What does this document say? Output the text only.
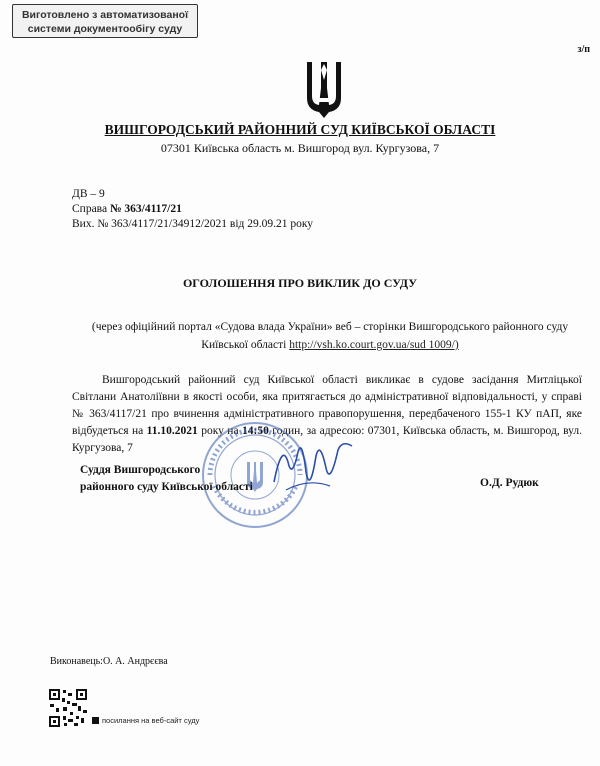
Виготовлено з автоматизованої
системи документообігу суду
з/п
ВИШГОРОДСЬКИЙ РАЙОННИЙ СУД КИЇВСЬКОЇ ОБЛАСТІ
07301 Київська область м. Вишгород вул. Кургузова, 7
ДВ – 9
Справа № 363/4117/21
Вих. № 363/4117/21/34912/2021 від 29.09.21 року
ОГОЛОШЕННЯ ПРО ВИКЛИК ДО СУДУ
(через офіційний портал «Судова влада України» веб – сторінки Вишгородського районного суду Київської області http://vsh.ko.court.gov.ua/sud 1009/)
Вишгородський районний суд Київської області викликає в судове засідання Митліцької Світлани Анатоліївни в якості особи, яка притягається до адміністративної відповідальності, у справі № 363/4117/21 про вчинення адміністративного правопорушення, передбаченого 155-1 КУ пАП, яке відбудеться на 11.10.2021 року на 14:50 годин, за адресою: 07301, Київська область, м. Вишгород, вул. Кургузова, 7
Суддя Вишгородського
районного суду Київської області	О.Д. Рудюк
Виконавець:О. А. Андрєєва
посилання на веб-сайт суду
